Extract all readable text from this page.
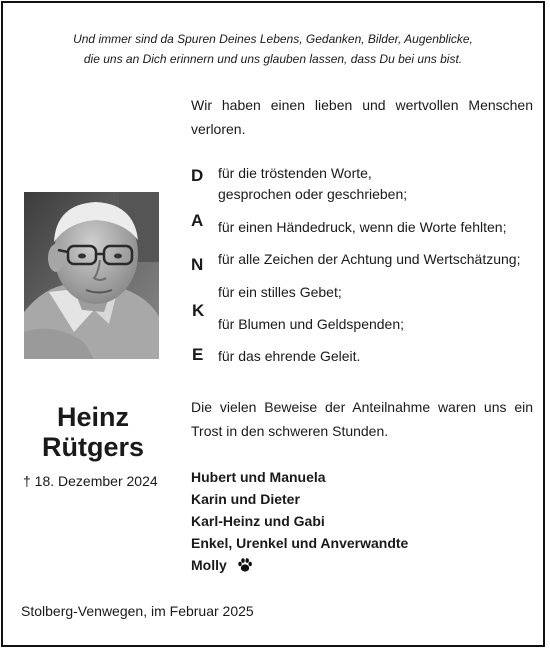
Und immer sind da Spuren Deines Lebens, Gedanken, Bilder, Augenblicke,
die uns an Dich erinnern und uns glauben lassen, dass Du bei uns bist.
Wir haben einen lieben und wertvollen Menschen verloren.
D für die tröstenden Worte,
gesprochen oder geschrieben;
A für einen Händedruck, wenn die Worte fehlten;
N für alle Zeichen der Achtung und Wertschätzung;
K
für ein stilles Gebet;
für Blumen und Geldspenden;
E für das ehrende Geleit.
Heinz
Rütgers
† 18. Dezember 2024
Die vielen Beweise der Anteilnahme waren uns ein Trost in den schweren Stunden.
Hubert und Manuela
Karin und Dieter
Karl-Heinz und Gabi
Enkel, Urenkel und Anverwandte
Molly
Stolberg-Venwegen, im Februar 2025
